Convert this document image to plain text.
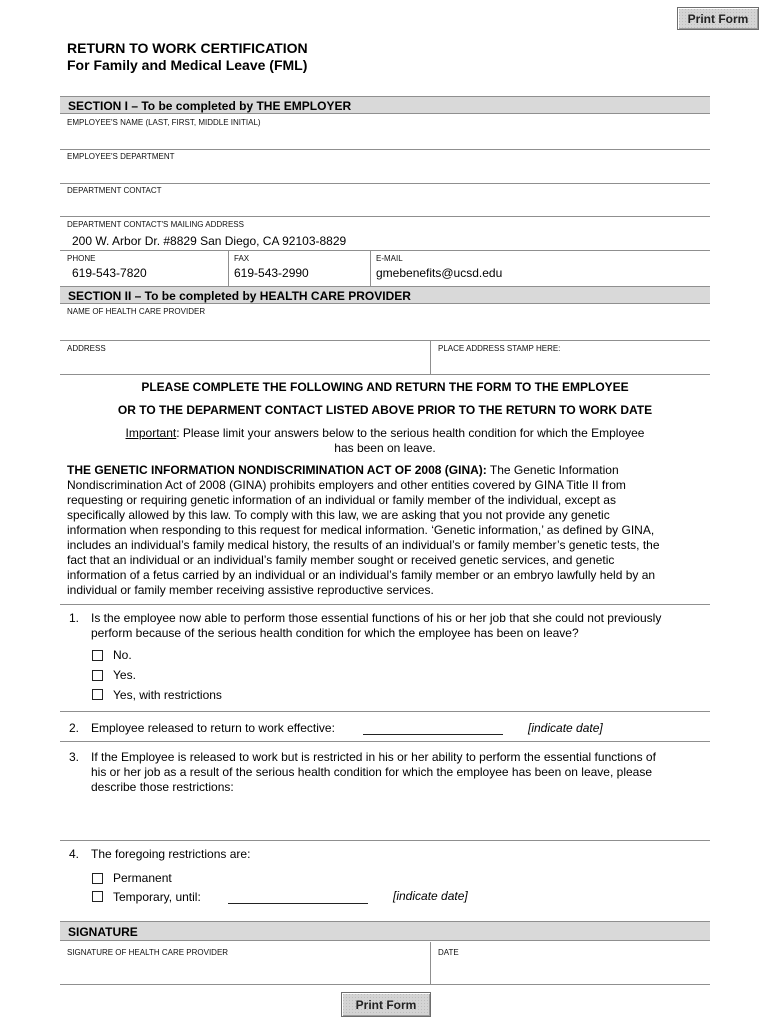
Print Form
RETURN TO WORK CERTIFICATION
For Family and Medical Leave (FML)
SECTION I – To be completed by THE EMPLOYER
EMPLOYEE'S NAME (LAST, FIRST, MIDDLE INITIAL)
EMPLOYEE'S DEPARTMENT
DEPARTMENT CONTACT
DEPARTMENT CONTACT'S MAILING ADDRESS
200 W. Arbor Dr. #8829 San Diego, CA 92103-8829
PHONE
619-543-7820
FAX
619-543-2990
E-MAIL
gmebenefits@ucsd.edu
SECTION II – To be completed by HEALTH CARE PROVIDER
NAME OF HEALTH CARE PROVIDER
ADDRESS	PLACE ADDRESS STAMP HERE:
PLEASE COMPLETE THE FOLLOWING AND RETURN THE FORM TO THE EMPLOYEE
OR TO THE DEPARMENT CONTACT LISTED ABOVE PRIOR TO THE RETURN TO WORK DATE
Important: Please limit your answers below to the serious health condition for which the Employee
has been on leave.
THE GENETIC INFORMATION NONDISCRIMINATION ACT OF 2008 (GINA): The Genetic Information
Nondiscrimination Act of 2008 (GINA) prohibits employers and other entities covered by GINA Title II from
requesting or requiring genetic information of an individual or family member of the individual, except as
specifically allowed by this law. To comply with this law, we are asking that you not provide any genetic
information when responding to this request for medical information. ‘Genetic information,’ as defined by GINA,
includes an individual’s family medical history, the results of an individual’s or family member’s genetic tests, the
fact that an individual or an individual’s family member sought or received genetic services, and genetic
information of a fetus carried by an individual or an individual’s family member or an embryo lawfully held by an
individual or family member receiving assistive reproductive services.
1. Is the employee now able to perform those essential functions of his or her job that she could not previously
perform because of the serious health condition for which the employee has been on leave?
No.
Yes.
Yes, with restrictions
2. Employee released to return to work effective:	[indicate date]
3. If the Employee is released to work but is restricted in his or her ability to perform the essential functions of
his or her job as a result of the serious health condition for which the employee has been on leave, please
describe those restrictions:
4. The foregoing restrictions are:
Permanent
Temporary, until:	[indicate date]
SIGNATURE
SIGNATURE OF HEALTH CARE PROVIDER	DATE
Print Form
